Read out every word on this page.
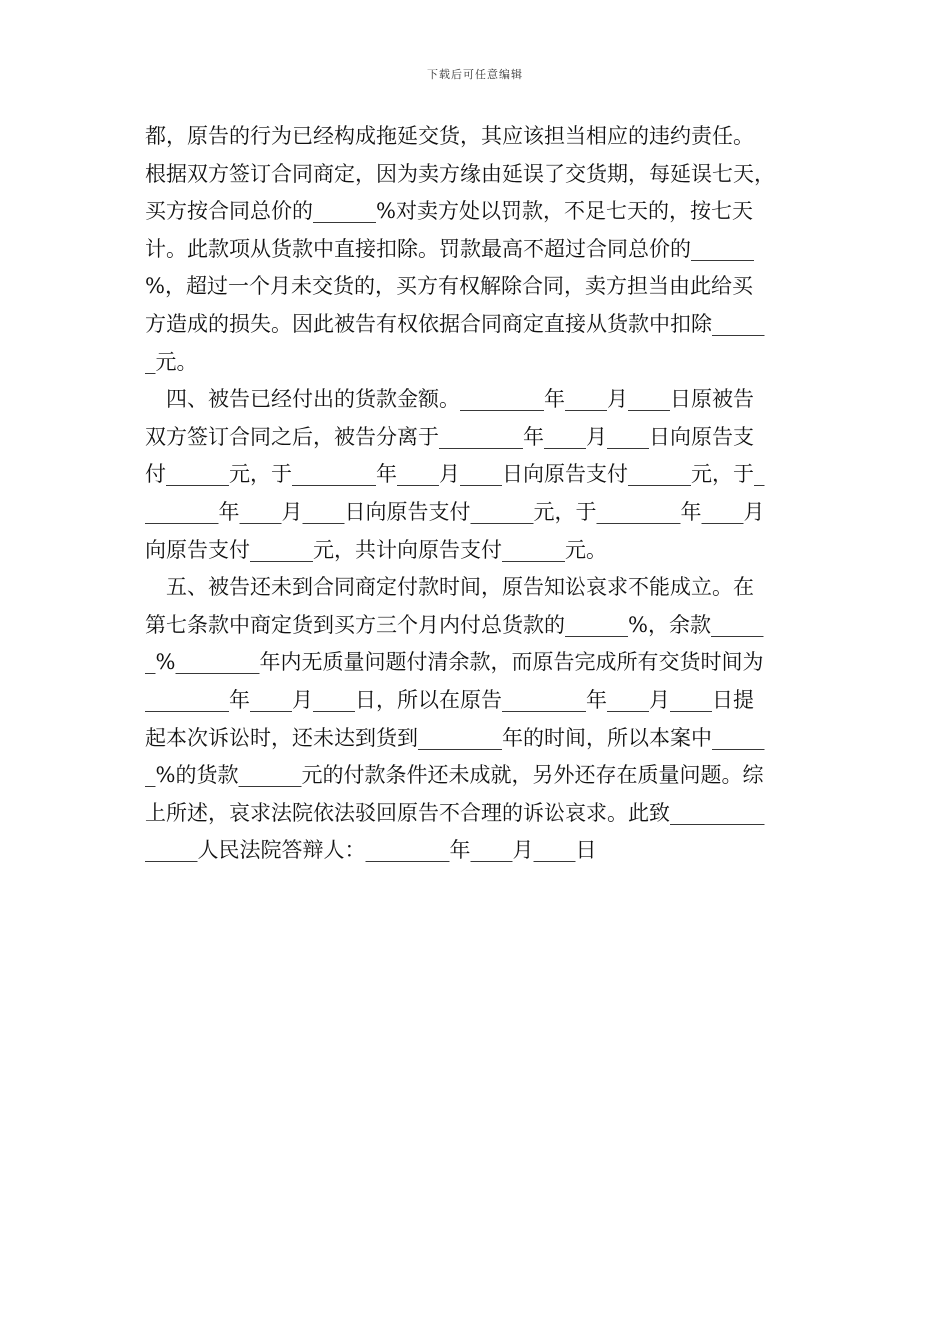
下载后可任意编辑
都，原告的行为已经构成拖延交货，其应该担当相应的违约责任。
根据双方签订合同商定，因为卖方缘由延误了交货期，每延误七天，
买方按合同总价的______%对卖方处以罚款，不足七天的，按七天
计。此款项从货款中直接扣除。罚款最高不超过合同总价的______
%，超过一个月未交货的，买方有权解除合同，卖方担当由此给买
方造成的损失。因此被告有权依据合同商定直接从货款中扣除_____
_元。
　四、被告已经付出的货款金额。________年____月____日原被告
双方签订合同之后，被告分离于________年____月____日向原告支
付______元，于________年____月____日向原告支付______元，于_
_______年____月____日向原告支付______元，于________年____月
向原告支付______元，共计向原告支付______元。
　五、被告还未到合同商定付款时间，原告知讼哀求不能成立。在
第七条款中商定货到买方三个月内付总货款的______%，余款_____
_%________年内无质量问题付清余款，而原告完成所有交货时间为
________年____月____日，所以在原告________年____月____日提
起本次诉讼时，还未达到货到________年的时间，所以本案中_____
_%的货款______元的付款条件还未成就，另外还存在质量问题。综
上所述，哀求法院依法驳回原告不合理的诉讼哀求。此致_________
_____人民法院答辩人：________年____月____日
